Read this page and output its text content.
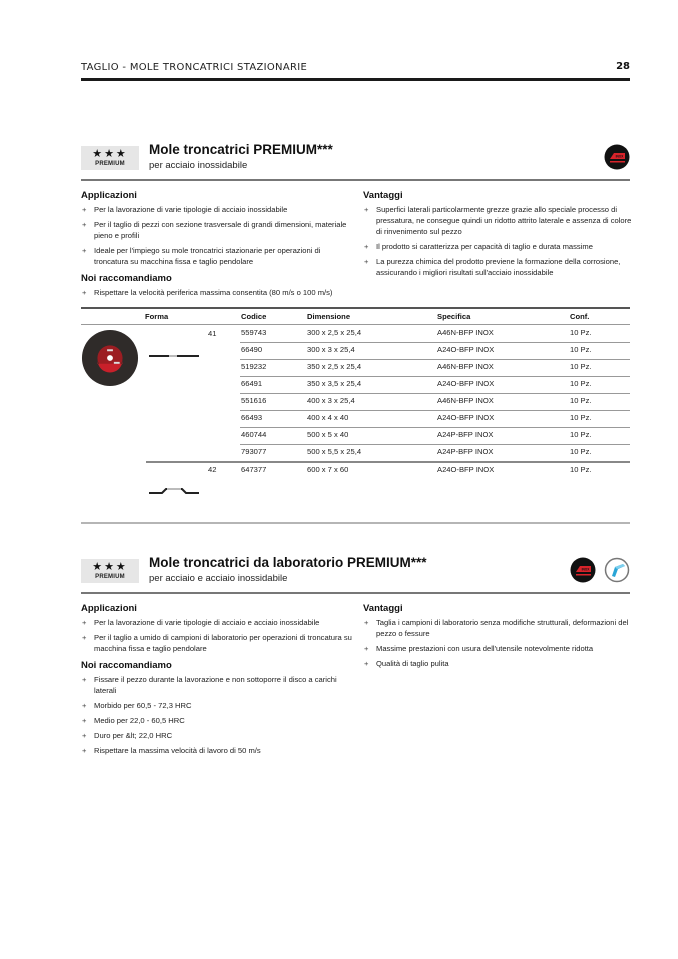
TAGLIO - MOLE TRONCATRICI STAZIONARIE	28
★★★
PREMIUM
Mole troncatrici PREMIUM***
per acciaio inossidabile
INOX
Applicazioni
+ Per la lavorazione di varie tipologie di acciaio inossidabile
+ Per il taglio di pezzi con sezione trasversale di grandi dimensioni, materiale pieno e profili
+ Ideale per l'impiego su mole troncatrici stazionarie per operazioni di troncatura su macchina fissa e taglio pendolare
Noi raccomandiamo
+ Rispettare la velocità periferica massima consentita (80 m/s o 100 m/s)
Vantaggi
+ Superfici laterali particolarmente grezze grazie allo speciale processo di pressatura, ne consegue quindi un ridotto attrito laterale e assenza di colore di rinvenimento sul pezzo
+ Il prodotto si caratterizza per capacità di taglio e durata massime
+ La purezza chimica del prodotto previene la formazione della corrosione, assicurando i migliori risultati sull'acciaio inossidabile
Forma	Codice	Dimensione	Specifica	Conf.
41	559743	300 x 2,5 x 25,4	A46N-BFP INOX	10 Pz.
66490	300 x 3 x 25,4	A24O-BFP INOX	10 Pz.
519232	350 x 2,5 x 25,4	A46N-BFP INOX	10 Pz.
66491	350 x 3,5 x 25,4	A24O-BFP INOX	10 Pz.
551616	400 x 3 x 25,4	A46N-BFP INOX	10 Pz.
66493	400 x 4 x 40	A24O-BFP INOX	10 Pz.
460744	500 x 5 x 40	A24P-BFP INOX	10 Pz.
793077	500 x 5,5 x 25,4	A24P-BFP INOX	10 Pz.
42	647377	600 x 7 x 60	A24O-BFP INOX	10 Pz.
★★★
PREMIUM
Mole troncatrici da laboratorio PREMIUM***
per acciaio e acciaio inossidabile
INOX
Applicazioni
+ Per la lavorazione di varie tipologie di acciaio e acciaio inossidabile
+ Per il taglio a umido di campioni di laboratorio per operazioni di troncatura su macchina fissa e taglio pendolare
Noi raccomandiamo
+ Fissare il pezzo durante la lavorazione e non sottoporre il disco a carichi laterali
+ Morbido per 60,5 - 72,3 HRC
+ Medio per 22,0 - 60,5 HRC
+ Duro per &lt; 22,0 HRC
+ Rispettare la massima velocità di lavoro di 50 m/s
Vantaggi
+ Taglia i campioni di laboratorio senza modifiche strutturali, deformazioni del pezzo o fessure
+ Massime prestazioni con usura dell'utensile notevolmente ridotta
+ Qualità di taglio pulita
